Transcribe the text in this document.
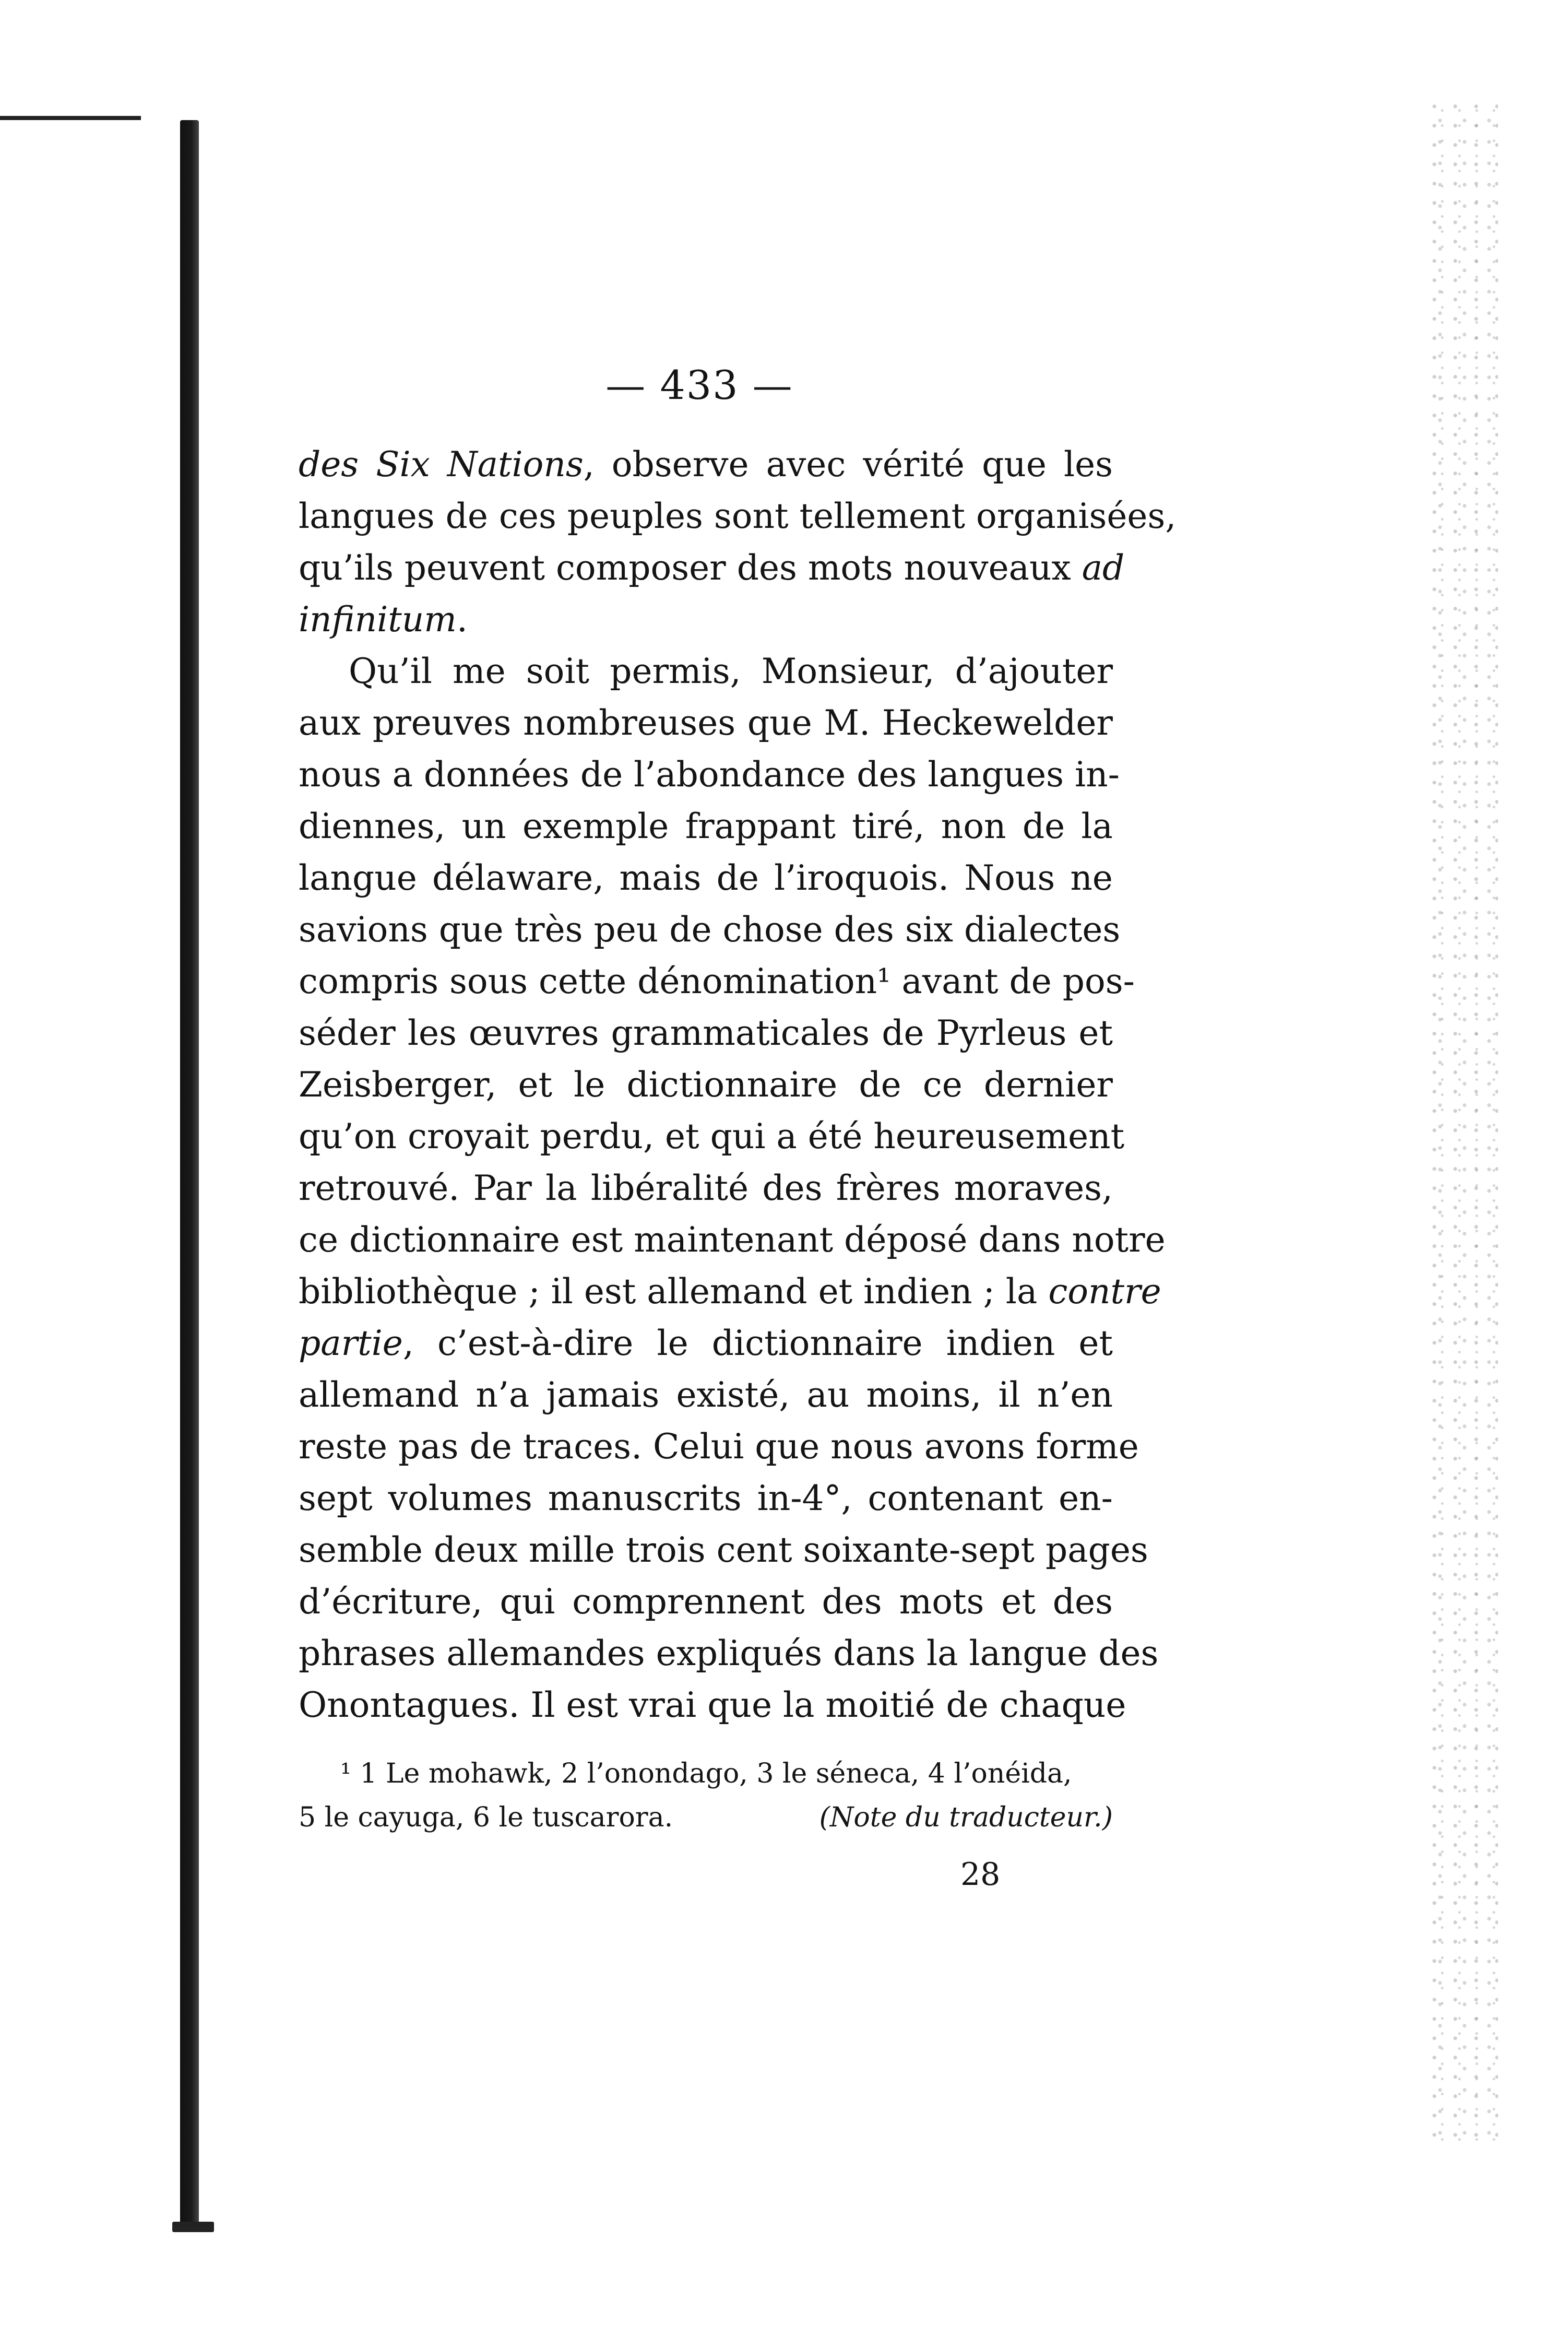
— 433 —
des Six Nations, observe avec vérité que les
langues de ces peuples sont tellement organisées,
qu’ils peuvent composer des mots nouveaux ad
infinitum.
Qu’il me soit permis, Monsieur, d’ajouter
aux preuves nombreuses que M. Heckewelder
nous a données de l’abondance des langues in-
diennes, un exemple frappant tiré, non de la
langue délaware, mais de l’iroquois. Nous ne
savions que très peu de chose des six dialectes
compris sous cette dénomination¹ avant de pos-
séder les œuvres grammaticales de Pyrleus et
Zeisberger, et le dictionnaire de ce dernier
qu’on croyait perdu, et qui a été heureusement
retrouvé. Par la libéralité des frères moraves,
ce dictionnaire est maintenant déposé dans notre
bibliothèque ; il est allemand et indien ; la contre
partie, c’est-à-dire le dictionnaire indien et
allemand n’a jamais existé, au moins, il n’en
reste pas de traces. Celui que nous avons forme
sept volumes manuscrits in-4°, contenant en-
semble deux mille trois cent soixante-sept pages
d’écriture, qui comprennent des mots et des
phrases allemandes expliqués dans la langue des
Onontagues. Il est vrai que la moitié de chaque
¹ 1 Le mohawk, 2 l’onondago, 3 le séneca, 4 l’onéida,
5 le cayuga, 6 le tuscarora.	(Note du traducteur.)
28
